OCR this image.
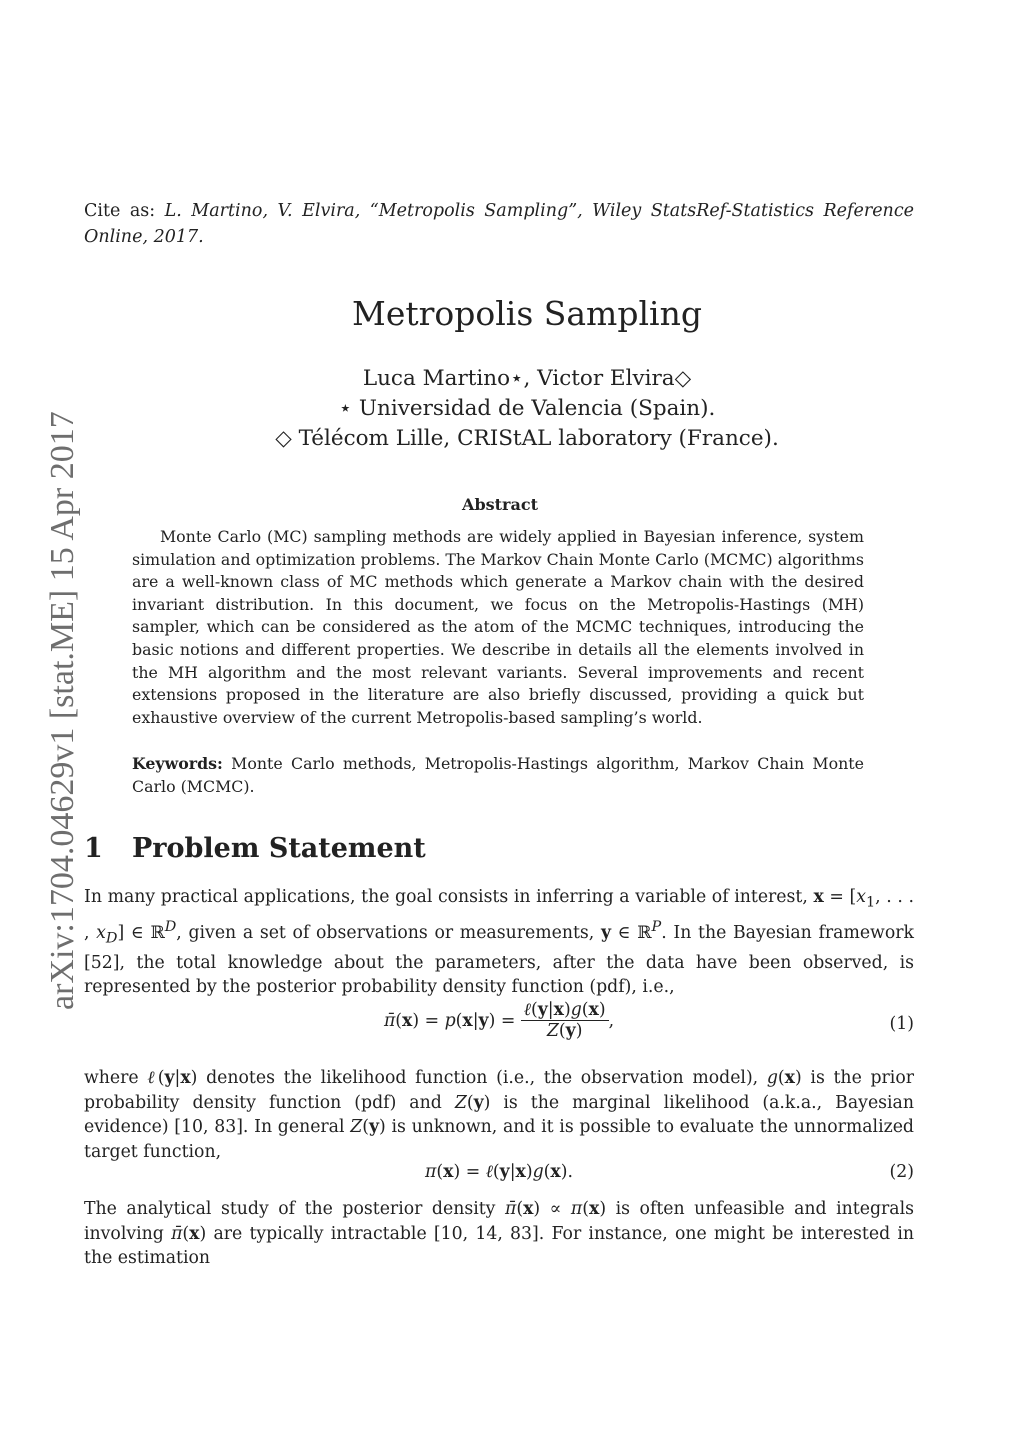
arXiv:1704.04629v1 [stat.ME] 15 Apr 2017
Cite as: L. Martino, V. Elvira, “Metropolis Sampling”, Wiley StatsRef-Statistics Reference Online, 2017.
Metropolis Sampling
Luca Martino⋆, Victor Elvira◇
⋆ Universidad de Valencia (Spain).
◇ Télécom Lille, CRIStAL laboratory (France).
Abstract

Monte Carlo (MC) sampling methods are widely applied in Bayesian inference, system simulation and optimization problems. The Markov Chain Monte Carlo (MCMC) algorithms are a well-known class of MC methods which generate a Markov chain with the desired invariant distribution. In this document, we focus on the Metropolis-Hastings (MH) sampler, which can be considered as the atom of the MCMC techniques, introducing the basic notions and different properties. We describe in details all the elements involved in the MH algorithm and the most relevant variants. Several improvements and recent extensions proposed in the literature are also briefly discussed, providing a quick but exhaustive overview of the current Metropolis-based sampling’s world.

Keywords: Monte Carlo methods, Metropolis-Hastings algorithm, Markov Chain Monte Carlo (MCMC).
1 Problem Statement

In many practical applications, the goal consists in inferring a variable of interest, $x = [x_1$, . . . , $x_D$] ∈ ℝ$^D$, given a set of observations or measurements, y ∈ ℝ$^P$. In the Bayesian framework [52], the total knowledge about the parameters, after the data have been observed, is represented by the posterior probability density function (pdf), i.e.,

π̄(x) = $p(x|y) = \frac{\text{ℓ(y|x)g(x)}}{Z(y)}$ ,	(1)

where ℓ(y|x) denotes the likelihood function (i.e., the observation model), g(x) is the prior probability density function (pdf) and Z(y) is the marginal likelihood (a.k.a., Bayesian evidence) [10, 83]. In general Z(y) is unknown, and it is possible to evaluate the unnormalized target function,

π(x) = ℓ(y|x)g(x).	(2)

The analytical study of the posterior density π̄(x) ∝ π(x) is often unfeasible and integrals involving π̄(x) are typically intractable [10, 14, 83]. For instance, one might be interested in the estimation
